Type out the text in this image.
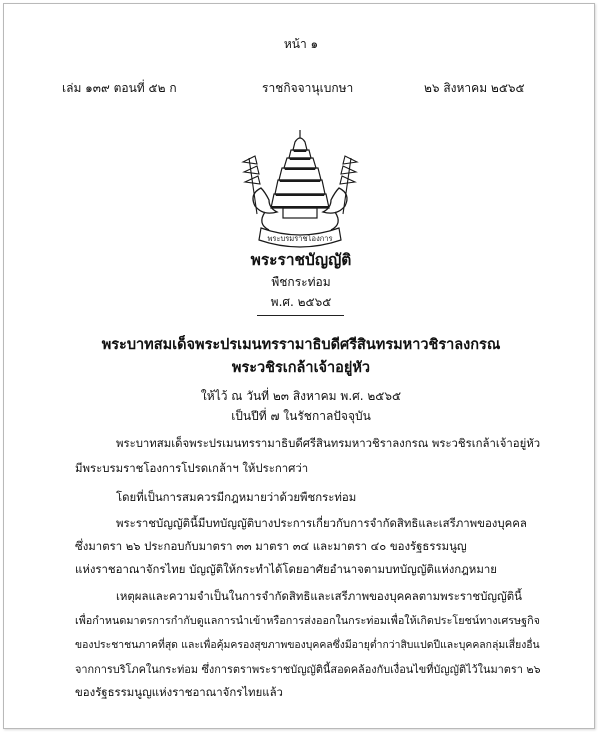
หน้า ๑
เล่ม ๑๓๙ ตอนที่ ๕๒ ก	ราชกิจจานุเบกษา	๒๖ สิงหาคม ๒๕๖๕
พระบรมราชโองการ
พระราชบัญญัติ
พืชกระท่อม
พ.ศ. ๒๕๖๕
พระบาทสมเด็จพระปรเมนทรรามาธิบดีศรีสินทรมหาวชิราลงกรณ
พระวชิรเกล้าเจ้าอยู่หัว
ให้ไว้ ณ วันที่ ๒๓ สิงหาคม พ.ศ. ๒๕๖๕
เป็นปีที่ ๗ ในรัชกาลปัจจุบัน
พระบาทสมเด็จพระปรเมนทรรามาธิบดีศรีสินทรมหาวชิราลงกรณ พระวชิรเกล้าเจ้าอยู่หัว
มีพระบรมราชโองการโปรดเกล้าฯ ให้ประกาศว่า
โดยที่เป็นการสมควรมีกฎหมายว่าด้วยพืชกระท่อม
พระราชบัญญัตินี้มีบทบัญญัติบางประการเกี่ยวกับการจำกัดสิทธิและเสรีภาพของบุคคล
ซึ่งมาตรา ๒๖ ประกอบกับมาตรา ๓๓ มาตรา ๓๔ และมาตรา ๔๐ ของรัฐธรรมนูญ
แห่งราชอาณาจักรไทย บัญญัติให้กระทำได้โดยอาศัยอำนาจตามบทบัญญัติแห่งกฎหมาย
เหตุผลและความจำเป็นในการจำกัดสิทธิและเสรีภาพของบุคคลตามพระราชบัญญัตินี้
เพื่อกำหนดมาตรการกำกับดูแลการนำเข้าหรือการส่งออกในกระท่อมเพื่อให้เกิดประโยชน์ทางเศรษฐกิจ
ของประชาชนภาคที่สุด และเพื่อคุ้มครองสุขภาพของบุคคลซึ่งมีอายุต่ำกว่าสิบแปดปีและบุคคลกลุ่มเสี่ยงอื่น
จากการบริโภคในกระท่อม ซึ่งการตราพระราชบัญญัตินี้สอดคล้องกับเงื่อนไขที่บัญญัติไว้ในมาตรา ๒๖
ของรัฐธรรมนูญแห่งราชอาณาจักรไทยแล้ว
